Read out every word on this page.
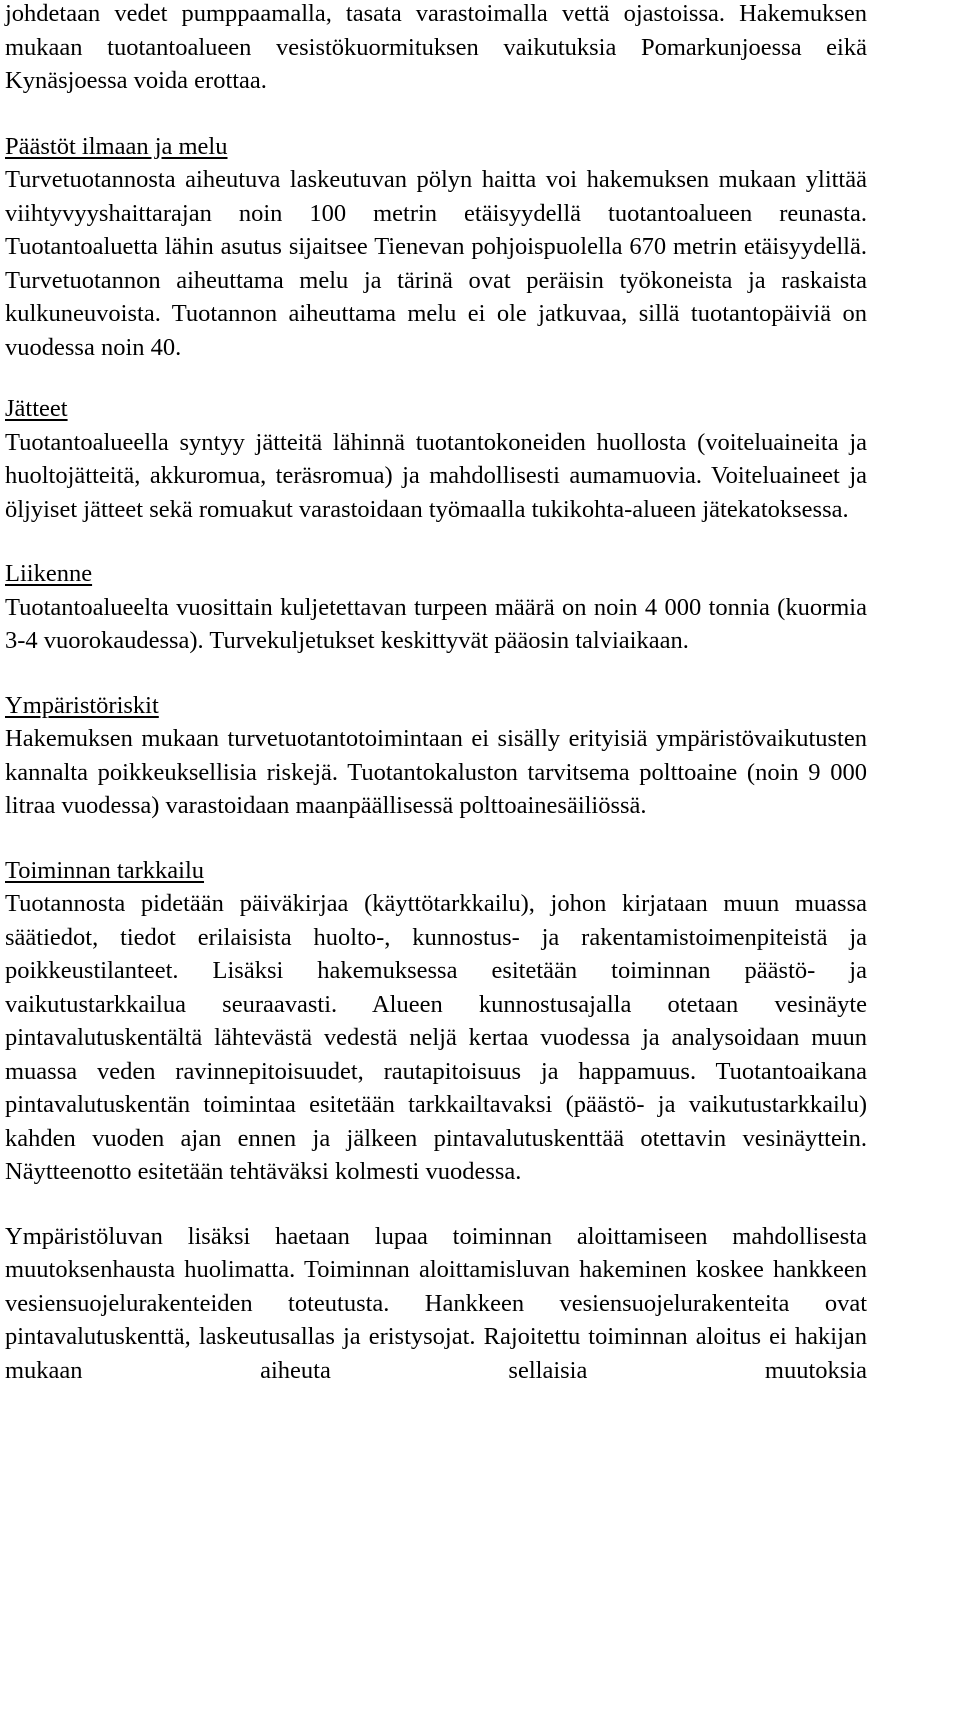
johdetaan vedet pumppaamalla, tasata varastoimalla vettä ojastoissa. Hakemuksen mukaan tuotantoalueen vesistökuormituksen vaikutuksia Pomarkunjoessa eikä Kynäsjoessa voida erottaa.

Päästöt ilmaan ja melu

Turvetuotannosta aiheutuva laskeutuvan pölyn haitta voi hakemuksen mukaan ylittää viihtyvyyshaittarajan noin 100 metrin etäisyydellä tuotantoalueen reunasta. Tuotantoaluetta lähin asutus sijaitsee Tienevan pohjoispuolella 670 metrin etäisyydellä. Turvetuotannon aiheuttama melu ja tärinä ovat peräisin työkoneista ja raskaista kulkuneuvoista. Tuotannon aiheuttama melu ei ole jatkuvaa, sillä tuotantopäiviä on vuodessa noin 40.

Jätteet

Tuotantoalueella syntyy jätteitä lähinnä tuotantokoneiden huollosta (voiteluaineita ja huoltojätteitä, akkuromua, teräsromua) ja mahdollisesti aumamuovia. Voiteluaineet ja öljyiset jätteet sekä romuakut varastoidaan työmaalla tukikohta-alueen jätekatoksessa.

Liikenne

Tuotantoalueelta vuosittain kuljetettavan turpeen määrä on noin 4 000 tonnia (kuormia 3-4 vuorokaudessa). Turvekuljetukset keskittyvät pääosin talviaikaan.

Ympäristöriskit

Hakemuksen mukaan turvetuotantotoimintaan ei sisälly erityisiä ympäristövaikutusten kannalta poikkeuksellisia riskejä. Tuotantokaluston tarvitsema polttoaine (noin 9 000 litraa vuodessa) varastoidaan maanpäällisessä polttoainesäiliössä.

Toiminnan tarkkailu

Tuotannosta pidetään päiväkirjaa (käyttötarkkailu), johon kirjataan muun muassa säätiedot, tiedot erilaisista huolto-, kunnostus- ja rakentamistoimenpiteistä ja poikkeustilanteet. Lisäksi hakemuksessa esitetään toiminnan päästö- ja vaikutustarkkailua seuraavasti. Alueen kunnostusajalla otetaan vesinäyte pintavalutuskentältä lähtevästä vedestä neljä kertaa vuodessa ja analysoidaan muun muassa veden ravinnepitoisuudet, rautapitoisuus ja happamuus. Tuotantoaikana pintavalutuskentän toimintaa esitetään tarkkailtavaksi (päästö- ja vaikutustarkkailu) kahden vuoden ajan ennen ja jälkeen pintavalutuskenttää otettavin vesinäyttein. Näytteenotto esitetään tehtäväksi kolmesti vuodessa.

Ympäristöluvan lisäksi haetaan lupaa toiminnan aloittamiseen mahdollisesta muutoksenhausta huolimatta. Toiminnan aloittamisluvan hakeminen koskee hankkeen vesiensuojelurakenteiden toteutusta. Hankkeen vesiensuojelurakenteita ovat pintavalutuskenttä, laskeutusallas ja eristysojat. Rajoitettu toiminnan aloitus ei hakijan mukaan aiheuta sellaisia muutoksia
